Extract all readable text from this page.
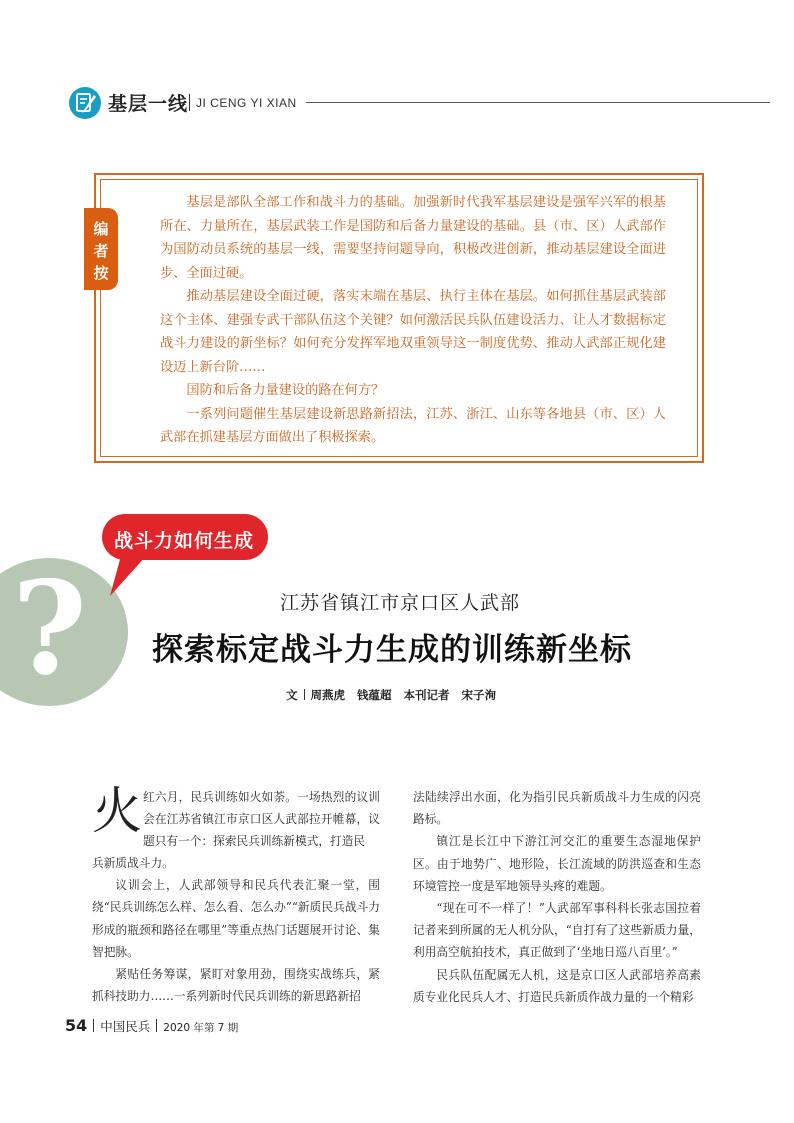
基层一线 JI CENG YI XIAN
编
者
按

基层是部队全部工作和战斗力的基础。加强新时代我军基层建设是强军兴军的根基所在、力量所在，基层武装工作是国防和后备力量建设的基础。县（市、区）人武部作为国防动员系统的基层一线，需要坚持问题导向，积极改进创新，推动基层建设全面进步、全面过硬。

推动基层建设全面过硬，落实末端在基层、执行主体在基层。如何抓住基层武装部这个主体、建强专武干部队伍这个关键？如何激活民兵队伍建设活力、让人才数据标定战斗力建设的新坐标？如何充分发挥军地双重领导这一制度优势、推动人武部正规化建设迈上新台阶……

国防和后备力量建设的路在何方？

一系列问题催生基层建设新思路新招法，江苏、浙江、山东等各地县（市、区）人武部在抓建基层方面做出了积极探索。

?
战斗力如何生成
江苏省镇江市京口区人武部
探索标定战斗力生成的训练新坐标
文 周燕虎 钱蕴超 本刊记者 宋子洵
火 红六月，民兵训练如火如荼。一场热烈的议训会在江苏省镇江市京口区人武部拉开帷幕，议题只有一个：探索民兵训练新模式，打造民

兵新质战斗力。

议训会上，人武部领导和民兵代表汇聚一堂，围绕“民兵训练怎么样、怎么看、怎么办”“新质民兵战斗力形成的瓶颈和路径在哪里”等重点热门话题展开讨论、集智把脉。

紧贴任务筹谋，紧盯对象用劲，围绕实战练兵，紧抓科技助力……一系列新时代民兵训练的新思路新招

法陆续浮出水面，化为指引民兵新质战斗力生成的闪亮路标。

镇江是长江中下游江河交汇的重要生态湿地保护区。由于地势广、地形险，长江流域的防洪巡查和生态环境管控一度是军地领导头疼的难题。

“现在可不一样了！”人武部军事科科长张志国拉着记者来到所属的无人机分队，“自打有了这些新质力量，利用高空航拍技术，真正做到了‘坐地日巡八百里’。”

民兵队伍配属无人机，这是京口区人武部培养高素质专业化民兵人才、打造民兵新质作战力量的一个精彩

54 中国民兵 2020 年第 7 期
